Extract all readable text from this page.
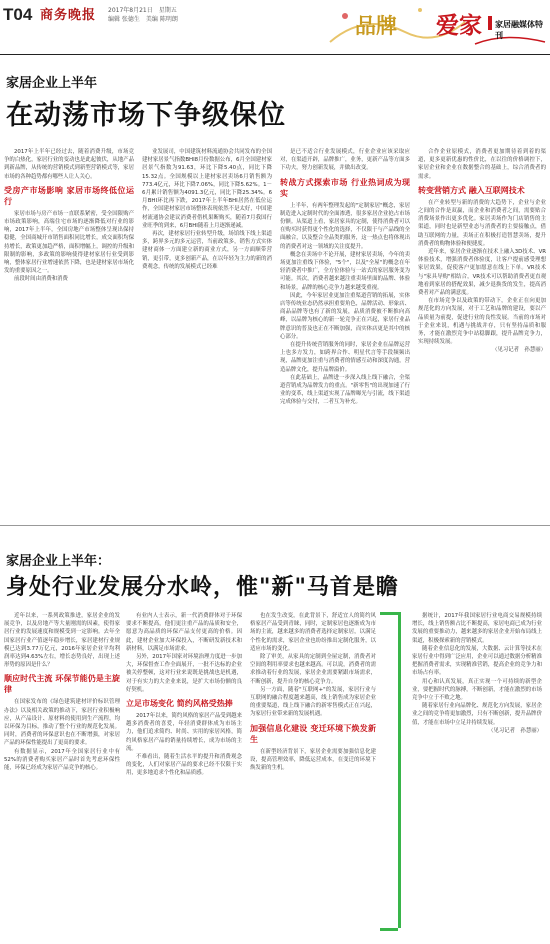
T04 商务晚报 2017年8月21日　星期五
编辑 张德生　美编 陈明朗	品牌 爱家 家居融媒体特刊
家居企业上半年
在动荡市场下争级保位

2017年上半年已经过去，随着消费升级，市场竞争的白热化，家居行业的变动也是此起彼伏，从地产品到新品牌，从传统的营销模式到新型营销模式等，家居市场的各种趋势都有哪些人让人关心。

受房产市场影响 家居市场终低位运行

家居市场与房产市场一直联系紧密，受全国限购产市场政策影响，高端住宅市场的逐渐降低对行业的影响，2017年上半年，全国房地产市场整体呈现出保持稳健，全国商城开市销售面积同比增长，成交面积均保持增长，政策更加趋严格，面积增幅上，调控的升级和限制的影响，多政策的影响使得建材家居行业受到影响，整体家居行业增速依然下降，也是建材家居市场化发的重要原因之一。

前段时间由消费和消费

业发展司，中国建筑材料流通协会共同发布的全国建材家居景气指数BHI8月份数据公布，6月全国建材家居景气指数为91.63，环比下降5.40点，同比下降15.32点。全国规模以上建材家居卖场6月销售额为773.4亿元，环比下降7.06%，同比下降5.62%。1－6月累计销售额为4091.3亿元，同比下降25.34%。6月BHI环比再下跌，2017年上半年BHI居然在低位运作，全国建材家居市场整体表现依然不是太好，中国建材流通协会建议消费者借机果断购买，随着7月我国行业旺季的到来，6月BHI随着上月逐渐递减。

再次，建材家居行业转型升级，场馆线下线上渠道多，跨界多元的多元运营，当前政策多，销售方式实体建材商体一方面建立新的商业方式，另一方面顺带营销，更引带，更多创新产品，在以年轻为主力的新的消费观念，传统的发展模式已经难

是已不适合行业发展模式，行业企业应该采取应对，在渠道开辟，品牌推广，业务，更新产品等方面多下功夫，努力创新发展，并做出改变。

转战方式探索市场 行业热词成为现实

上半年，有两年整理发起的"定制家居"概念，家居制造进入定制时代的全面渗透，很多家居企业抢占市场份额。从渠道上看，家居家具的定制，使得消费者可以在购买时获得更个性化的选择，不仅限于与产品线的全面融合，以及整合全品类的服务，这一热点也将体现出的消费者对这一领域的关注度提升。

概念在卖场中不论开展，建材家居卖场，今年的卖场更加注重线下体验，"5个"，以及"全屋"的概念在年轻消费者中推广，全方位体验与一站式的家居服务变为可能。其次，消费者越来越注重卖场里面的品牌、体验和场景，品牌的核心竞争力越来越受重视。

因此，今年家居业更加注重渠道营销的拓展，实体店等传统业态仍然承担重要角色，品牌活动、形象店、商品品牌等也有了新的发展，品质消费被不断推向高峰，以品牌为核心的新一轮竞争正在兴起，家居行业品牌意识的普及也正在不断加强，而实体店更是其中的核心部分。

在提升传统营销服务的同时，家居企业在品牌运营上也多方发力，如跨界合作、明星代言等手段频频出现，品牌更加注重与消费者的情感互动和深度沟通，营造品牌文化，提升品牌溢价。

在此基础上，品牌进一步深入线上线下融合，全渠道营销成为品牌发力的重点。"新零售"的出现加速了行业的变革，线上渠道实现了品牌曝光与引流，线下渠道完成体验与交付，二者互为补充。

合作企业原模式，消费者更加期待着到着的渠道，更多更新优惠的性价比，在以往的价格调控下，家居企业和企业在数据整合的基础上，综合消费者的需求。

转变营销方式 融入互联网技术

在产业转型与新的消费的大趋势下，企业与企业之间的合作是双赢，而企业和消费者之间，需要贴合消费场景作出更多优化。家居卖场作为门店销售的主渠道，同时也是新型业态与消费者的主要接触点，借助互联网的力量，卖场正在积极打造智慧卖场，提升消费者的购物体验和便捷度。

近年来，家居企业逐渐在技术上融入3D技术、VR体验技术，增强消费者体验度，让客户提前感受理想家居效果，促使客户更加愿意在线上下单。VR技术与"家具导购"相结合，VR技术可以帮助消费者更直观地看到家居的搭配效果，减少退换货的发生，提高消费者对产品的满意度。

在市场竞争以及政策的带动下，企业正在向更加规范化的方向发展，对于工艺和品牌的建设，要以产品质量为前提，促进行业的良性发展。当前的市场对于企业来说，机遇与挑战并存，只有坚持品质和服务，才能在激烈竞争中站稳脚跟，提升品牌竞争力，实现持续发展。

（见习记者　孙慧丽）

家居企业上半年：
身处行业发展分水岭，惟"新"马首是瞻

近年以来，一系列政策推进，家居企业的发展竞争，以及房地产等大量刚需的因素，使得家居行业的发展速度和规模受到一定影响。去年全国家居行业产值逐年稳步增长，家居建材行业规模已达到3.77万亿元，2016年家居企业平均利润率达到4.63%左右，增长态势良好，出现上述形势的原因是什么？

顺应时代主流 环保节能仍是主旋律

在国家发布的《绿色建筑建材评价标识管理办法》以及相关政策的推动下，家居行业积极响应，从产品设计、原材料的使用到生产流程，均以环保为目标，推动了整个行业的规范化发展。同时，消费者的环保意识也在不断增强，对家居产品的环保性能提出了更高的要求。

有数据显示，2017年全国家居行业中有52%的消费者购买家居产品时首先考虑环保性能，环保已经成为家居产品竞争的核心。

有业内人士表示，新一代消费群体对于环保要求不断提高，他们更注重产品的品质和安全，愿意为高品质的环保产品支付更高的价格。因此，建材企业加大环保投入，不断研发新技术和新材料，以满足市场需求。

另外，2017年国家对环境治理力度进一步加大，环保督查工作全面展开，一批不达标的企业被关停整顿，这对行业来说既是挑战也是机遇，对于有实力的大企业来说，是扩大市场份额的良好契机。

立足市场变化 简约风格受热捧

2017年以来，简约风格的家居产品受到越来越多消费者的喜爱，年轻消费群体成为市场主力，他们追求简约、时尚、实用的家居风格，简约风格家居产品的销量持续增长，成为市场的主流。

不难看出，随着生活水平的提升和消费观念的变化，人们对家居产品的要求已经不仅限于实用，更多地追求个性化和品质感。

也在发生改变，在此背景下，舒适宜人的简约风格家居产品受到青睐，同时，定制家居也逐渐成为市场的主流，越来越多的消费者选择定制家居，以满足个性化的需求，家居企业也纷纷推出定制化服务，以适应市场的变化。

除了审美，从家具的定制到全屋定制，消费者对空间的利用率要求也越来越高。可以说，消费者的需求推动着行业的发展，家居企业需要紧跟市场需求，不断创新，提升自身的核心竞争力。

另一方面，随着"互联网+"的发展，家居行业与互联网的融合程度越来越高，线上销售成为家居企业的重要渠道，线上线下融合的新零售模式正在兴起，为家居行业带来新的发展机遇。

加强信息化建设 变迁环境下焕发新生

在新型经济背景下，家居企业需要加强信息化建设，提高管理效率，降低运营成本，在变迁的环境下焕发新的生机。

据统计，2017年我国家居行业电商交易规模持续增长，线上销售额占比不断提高，家居电商已成为行业发展的重要推动力，越来越多的家居企业开始布局线上渠道，积极探索新的营销模式。

随着企业信息化的发展，大数据、云计算等技术在家居行业中得到广泛应用，企业可以通过数据分析精准把握消费者需求，实现精准营销，提高企业的竞争力和市场占有率。

用心和认真发展，真正实现一个可持续的新型企业，要把握时代的脉搏，不断创新，才能在激烈的市场竞争中立于不败之地。

随着家居行业向品牌化、规范化方向发展，家居企业之间的竞争将更加激烈，只有不断创新，提升品牌价值，才能在市场中立足并持续发展。

（见习记者　孙慧丽）
